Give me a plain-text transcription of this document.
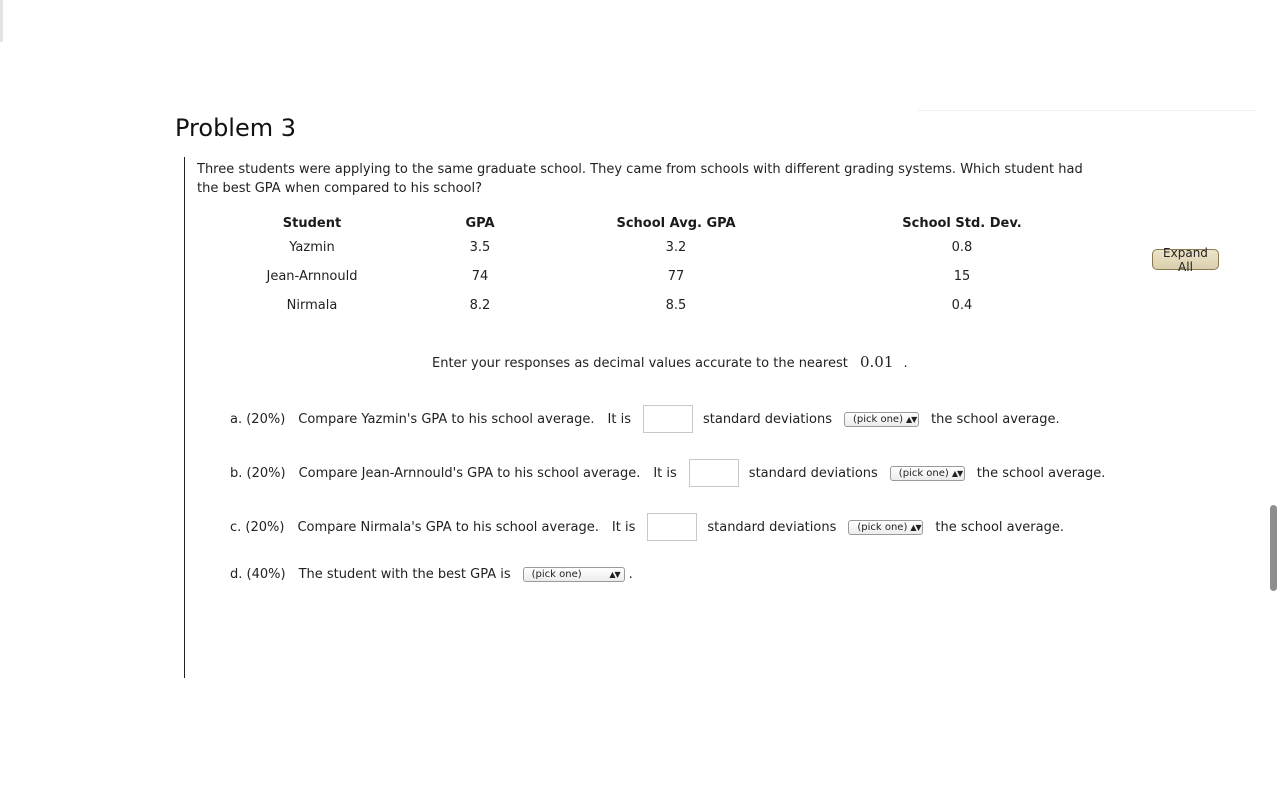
Problem 3
Three students were applying to the same graduate school. They came from schools with different grading systems. Which student had the best GPA when compared to his school?
Student	GPA	School Avg. GPA	School Std. Dev.
Yazmin	3.5	3.2	0.8
Jean-Arnnould	74	77	15
Nirmala	8.2	8.5	0.4
Enter your responses as decimal values accurate to the nearest 0.01 .
a. (20%) Compare Yazmin's GPA to his school average. It is	standard deviations (pick one) ▲▼ the school average.
b. (20%) Compare Jean-Arnnould's GPA to his school average. It is	standard deviations (pick one) ▲▼ the school average.
c. (20%) Compare Nirmala's GPA to his school average. It is	standard deviations (pick one) ▲▼ the school average.
d. (40%) The student with the best GPA is (pick one)	▲▼ .
Expand All
